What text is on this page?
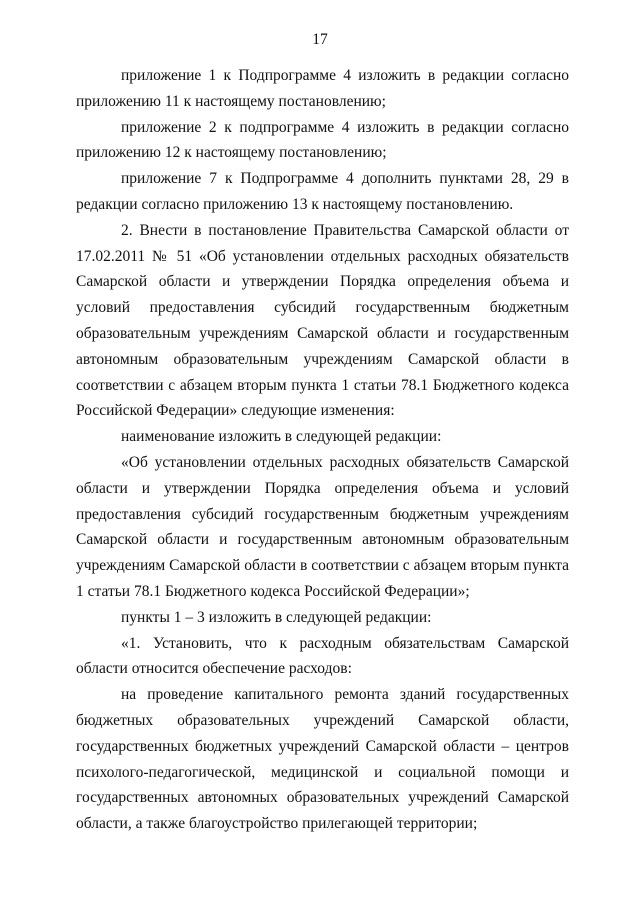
17

приложение 1 к Подпрограмме 4 изложить в редакции согласно приложению 11 к настоящему постановлению;

приложение 2 к подпрограмме 4 изложить в редакции согласно приложению 12 к настоящему постановлению;

приложение 7 к Подпрограмме 4 дополнить пунктами 28, 29 в редакции согласно приложению 13 к настоящему постановлению.

2. Внести в постановление Правительства Самарской области от 17.02.2011 № 51 «Об установлении отдельных расходных обязательств Самарской области и утверждении Порядка определения объема и условий предоставления субсидий государственным бюджетным образовательным учреждениям Самарской области и государственным автономным образовательным учреждениям Самарской области в соответствии с абзацем вторым пункта 1 статьи 78.1 Бюджетного кодекса Российской Федерации» следующие изменения:

наименование изложить в следующей редакции:

«Об установлении отдельных расходных обязательств Самарской области и утверждении Порядка определения объема и условий предоставления субсидий государственным бюджетным учреждениям Самарской области и государственным автономным образовательным учреждениям Самарской области в соответствии с абзацем вторым пункта 1 статьи 78.1 Бюджетного кодекса Российской Федерации»;

пункты 1 – 3 изложить в следующей редакции:

«1. Установить, что к расходным обязательствам Самарской области относится обеспечение расходов:

на проведение капитального ремонта зданий государственных бюджетных образовательных учреждений Самарской области, государственных бюджетных учреждений Самарской области – центров психолого-педагогической, медицинской и социальной помощи и государственных автономных образовательных учреждений Самарской области, а также благоустройство прилегающей территории;
